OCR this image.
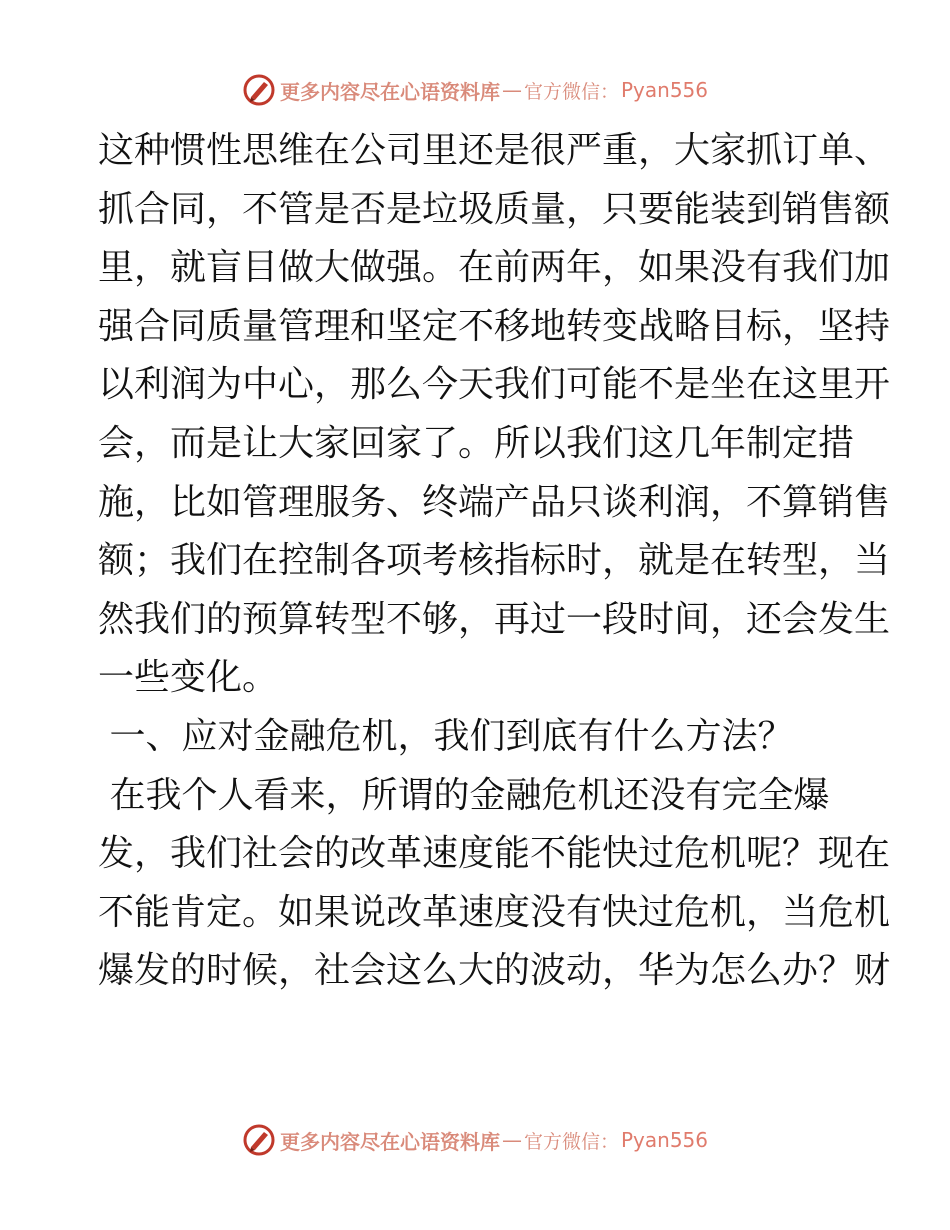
更多内容尽在心语资料库 — 官方微信： Pyan556
这种惯性思维在公司里还是很严重，大家抓订单、
抓合同，不管是否是垃圾质量，只要能装到销售额
里，就盲目做大做强。在前两年，如果没有我们加
强合同质量管理和坚定不移地转变战略目标，坚持
以利润为中心，那么今天我们可能不是坐在这里开
会，而是让大家回家了。所以我们这几年制定措
施，比如管理服务、终端产品只谈利润，不算销售
额；我们在控制各项考核指标时，就是在转型，当
然我们的预算转型不够，再过一段时间，还会发生
一些变化。
一、应对金融危机，我们到底有什么方法？
在我个人看来，所谓的金融危机还没有完全爆
发，我们社会的改革速度能不能快过危机呢？现在
不能肯定。如果说改革速度没有快过危机，当危机
爆发的时候，社会这么大的波动，华为怎么办？财
更多内容尽在心语资料库 — 官方微信： Pyan556
